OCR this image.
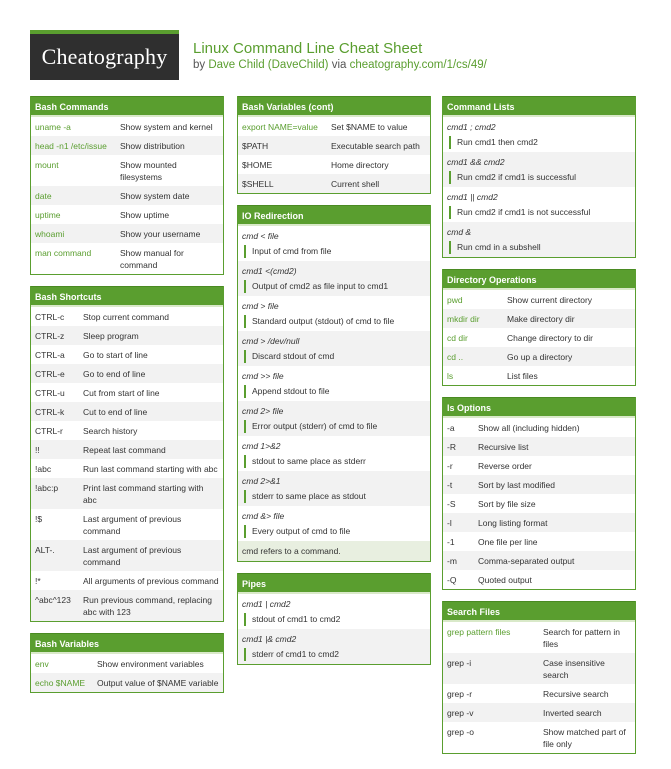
Cheatography	Linux Command Line Cheat Sheet
by Dave Child (DaveChild) via cheatography.com/1/cs/49/
Bash Commands
uname -a	Show system and kernel
head -n1 /etc/issue	Show distribution
mount	Show mounted filesystems
date	Show system date
uptime	Show uptime
whoami	Show your username
man command	Show manual for command
Bash Shortcuts
CTRL-c	Stop current command
CTRL-z	Sleep program
CTRL-a	Go to start of line
CTRL-e	Go to end of line
CTRL-u	Cut from start of line
CTRL-k	Cut to end of line
CTRL-r	Search history
!!	Repeat last command
!abc	Run last command starting with abc
!abc:p	Print last command starting with abc
!$	Last argument of previous command
ALT-.	Last argument of previous command
!*	All arguments of previous command
^abc^123	Run previous command, replacing abc with 123
Bash Variables
env	Show environment variables
echo $NAME	Output value of $NAME variable
Bash Variables (cont)
export NAME=value	Set $NAME to value
$PATH	Executable search path
$HOME	Home directory
$SHELL	Current shell
IO Redirection
cmd < file
Input of cmd from file
cmd1 <(cmd2)
Output of cmd2 as file input to cmd1
cmd > file
Standard output (stdout) of cmd to file
cmd > /dev/null
Discard stdout of cmd
cmd >> file
Append stdout to file
cmd 2> file
Error output (stderr) of cmd to file
cmd 1>&2
stdout to same place as stderr
cmd 2>&1
stderr to same place as stdout
cmd &> file
Every output of cmd to file
cmd refers to a command.
Pipes
cmd1 | cmd2
stdout of cmd1 to cmd2
cmd1 |& cmd2
stderr of cmd1 to cmd2
Command Lists
cmd1 ; cmd2
Run cmd1 then cmd2
cmd1 && cmd2
Run cmd2 if cmd1 is successful
cmd1 || cmd2
Run cmd2 if cmd1 is not successful
cmd &
Run cmd in a subshell
Directory Operations
pwd	Show current directory
mkdir dir	Make directory dir
cd dir	Change directory to dir
cd ..	Go up a directory
ls	List files
ls Options
-a	Show all (including hidden)
-R	Recursive list
-r	Reverse order
-t	Sort by last modified
-S	Sort by file size
-l	Long listing format
-1	One file per line
-m	Comma-separated output
-Q	Quoted output
Search Files
grep pattern files	Search for pattern in files
grep -i	Case insensitive search
grep -r	Recursive search
grep -v	Inverted search
grep -o	Show matched part of file only
